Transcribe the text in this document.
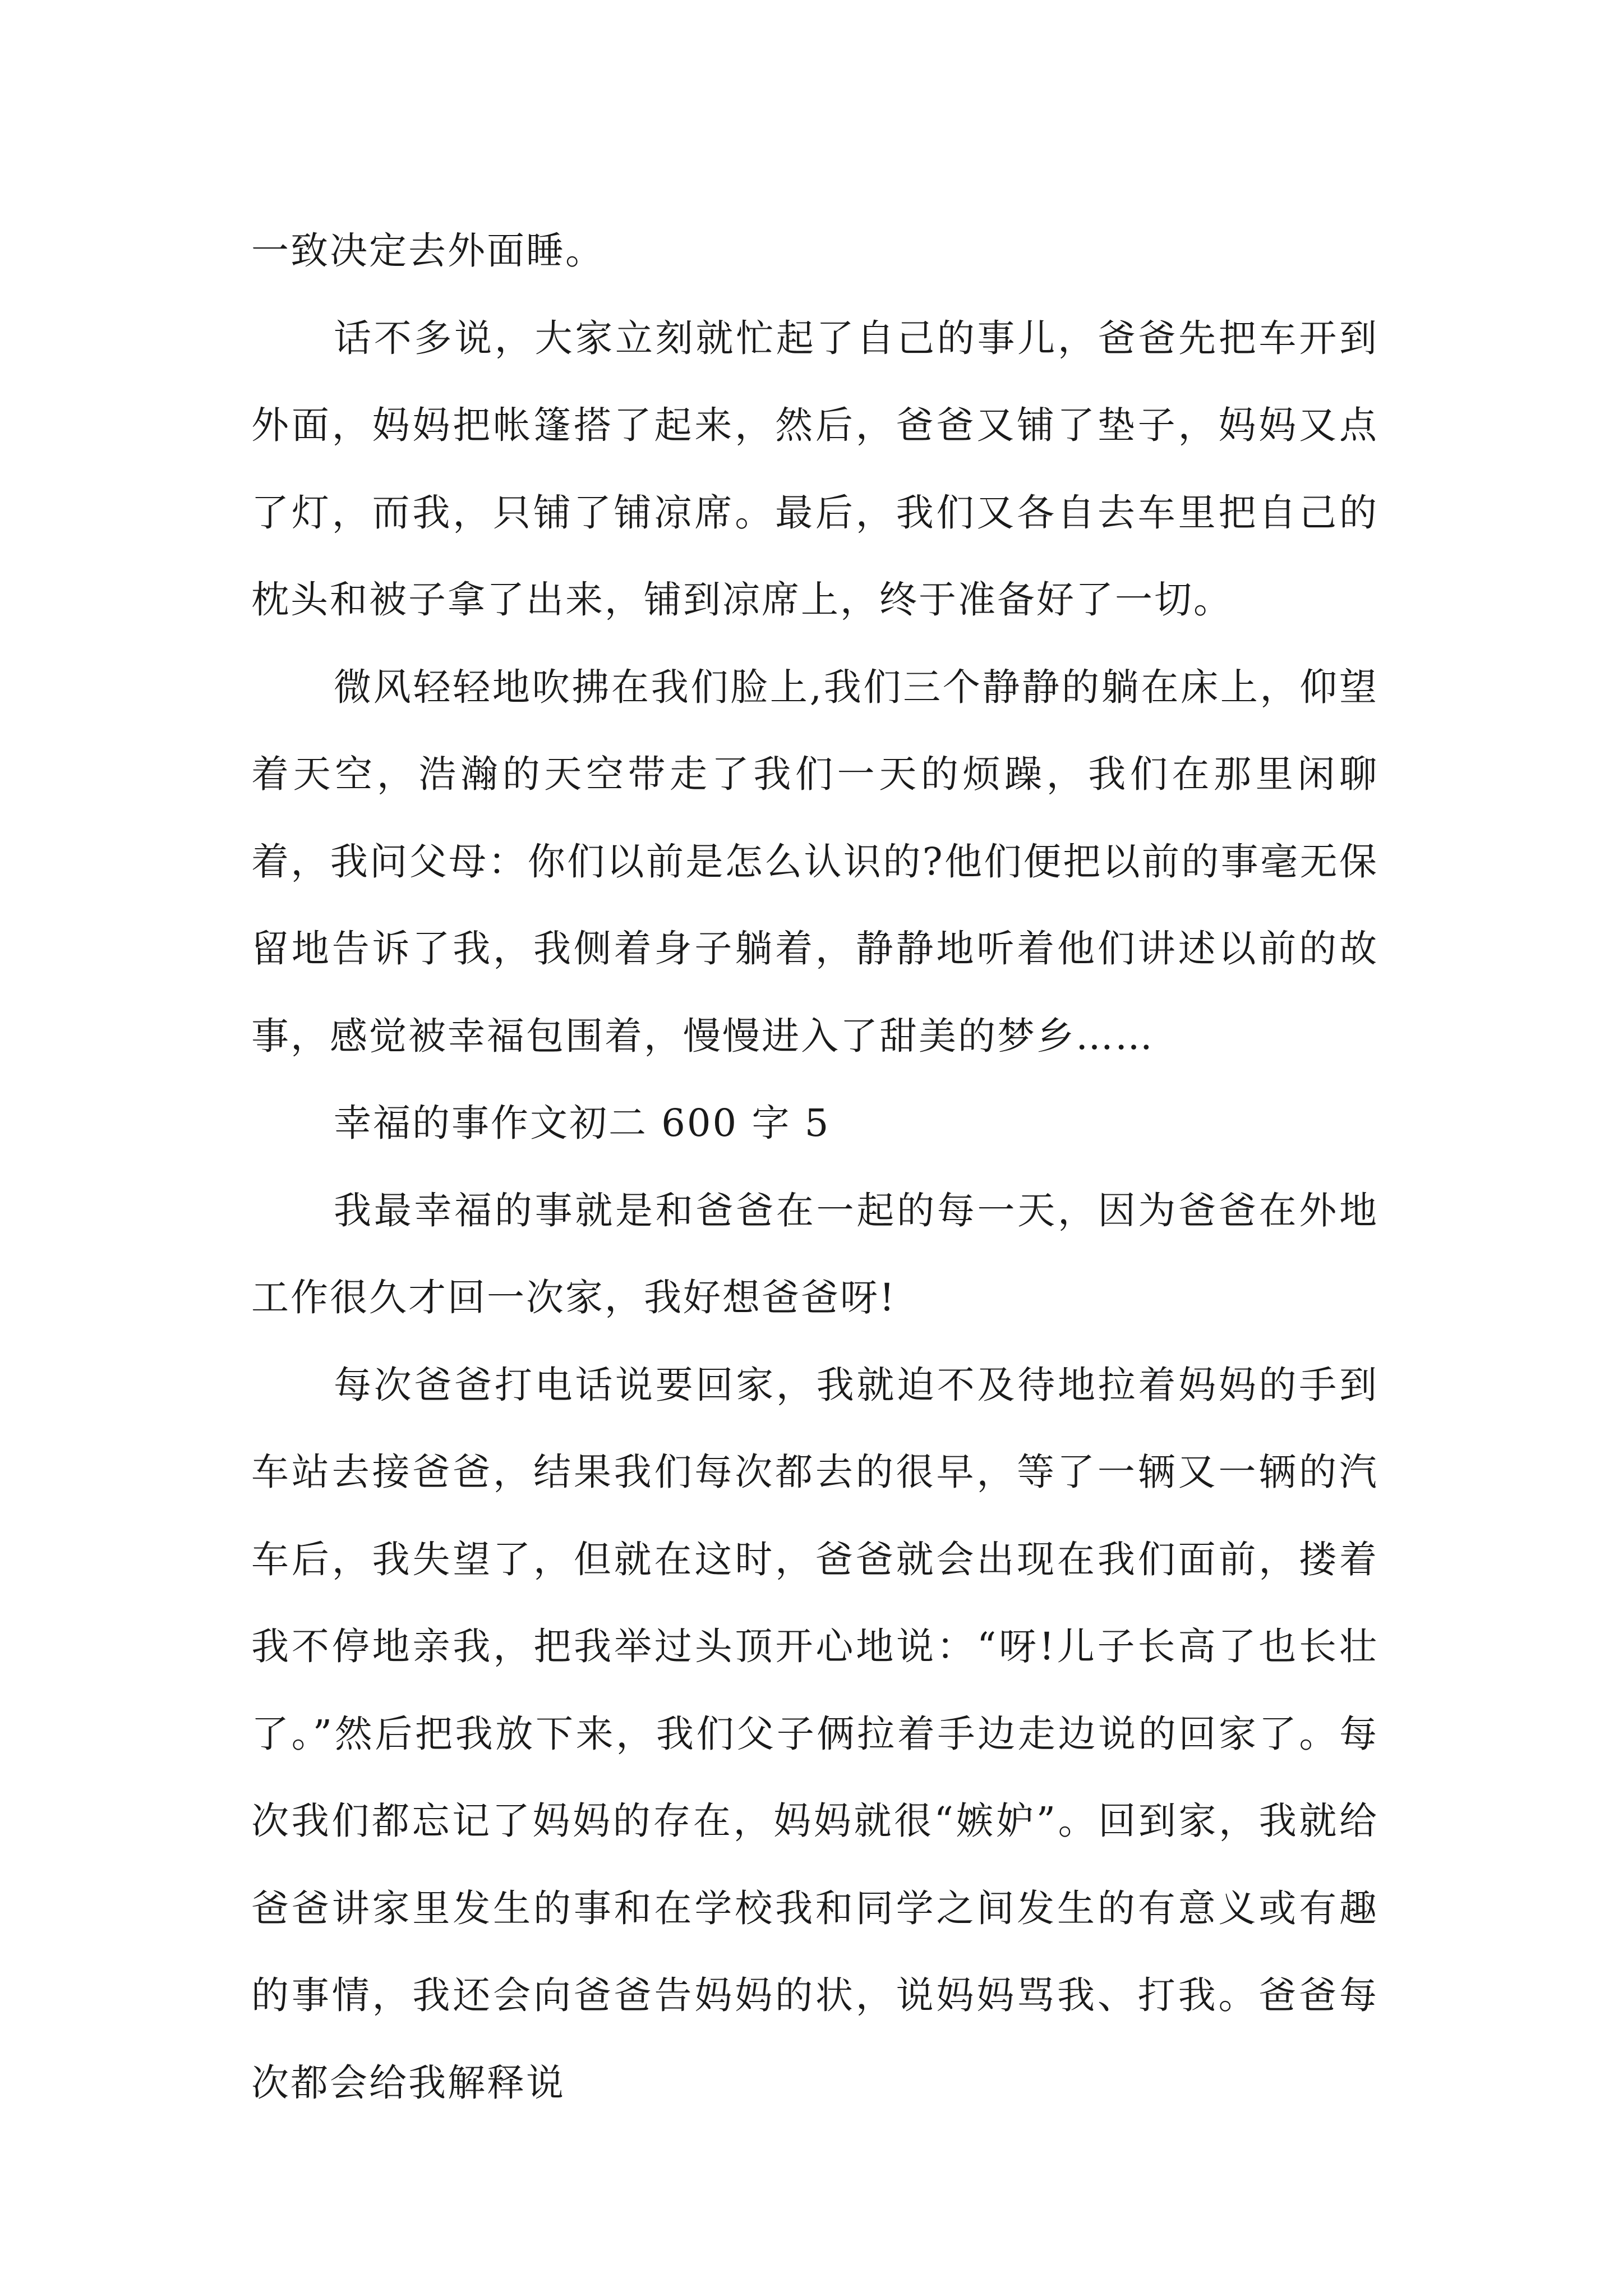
一致决定去外面睡。

话不多说，大家立刻就忙起了自己的事儿，爸爸先把车开到外面，妈妈把帐篷搭了起来，然后，爸爸又铺了垫子，妈妈又点了灯，而我，只铺了铺凉席。最后，我们又各自去车里把自己的枕头和被子拿了出来，铺到凉席上，终于准备好了一切。

微风轻轻地吹拂在我们脸上,我们三个静静的躺在床上，仰望着天空，浩瀚的天空带走了我们一天的烦躁，我们在那里闲聊着，我问父母：你们以前是怎么认识的?他们便把以前的事毫无保留地告诉了我，我侧着身子躺着，静静地听着他们讲述以前的故事，感觉被幸福包围着，慢慢进入了甜美的梦乡……

幸福的事作文初二 600 字 5

我最幸福的事就是和爸爸在一起的每一天，因为爸爸在外地工作很久才回一次家，我好想爸爸呀!

每次爸爸打电话说要回家，我就迫不及待地拉着妈妈的手到车站去接爸爸，结果我们每次都去的很早，等了一辆又一辆的汽车后，我失望了，但就在这时，爸爸就会出现在我们面前，搂着我不停地亲我，把我举过头顶开心地说：“呀!儿子长高了也长壮了。”然后把我放下来，我们父子俩拉着手边走边说的回家了。每次我们都忘记了妈妈的存在，妈妈就很“嫉妒”。回到家，我就给爸爸讲家里发生的事和在学校我和同学之间发生的有意义或有趣的事情，我还会向爸爸告妈妈的状，说妈妈骂我、打我。爸爸每次都会给我解释说
